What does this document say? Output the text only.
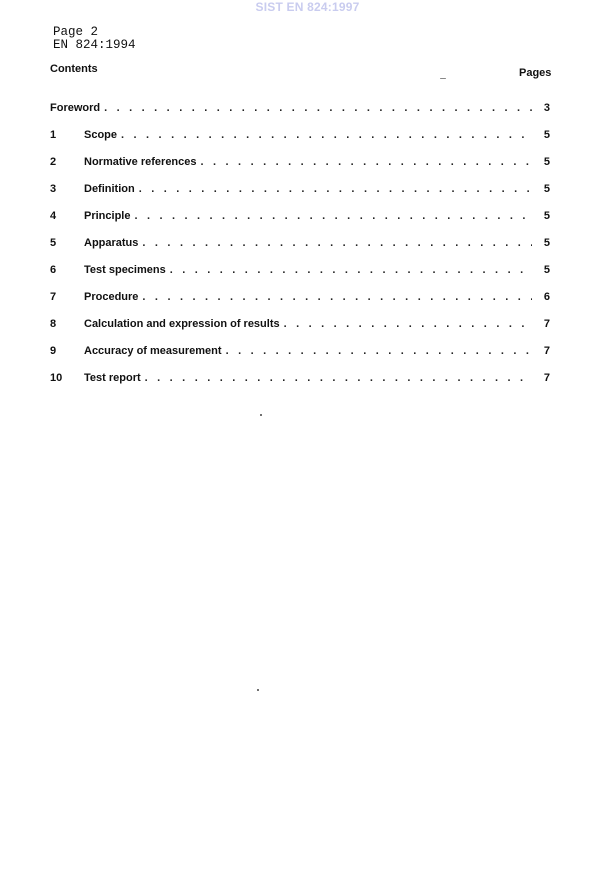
SIST EN 824:1997
Page 2
EN 824:1994
Contents	Pages
Foreword . . .	3
1	Scope . . .	5
2	Normative references . . .	5
3	Definition . . .	5
4	Principle . . .	5
5	Apparatus . . .	5
6	Test specimens . . .	5
7	Procedure . . .	6
8	Calculation and expression of results . . .	7
9	Accuracy of measurement . . .	7
10 Test report . . .	7
